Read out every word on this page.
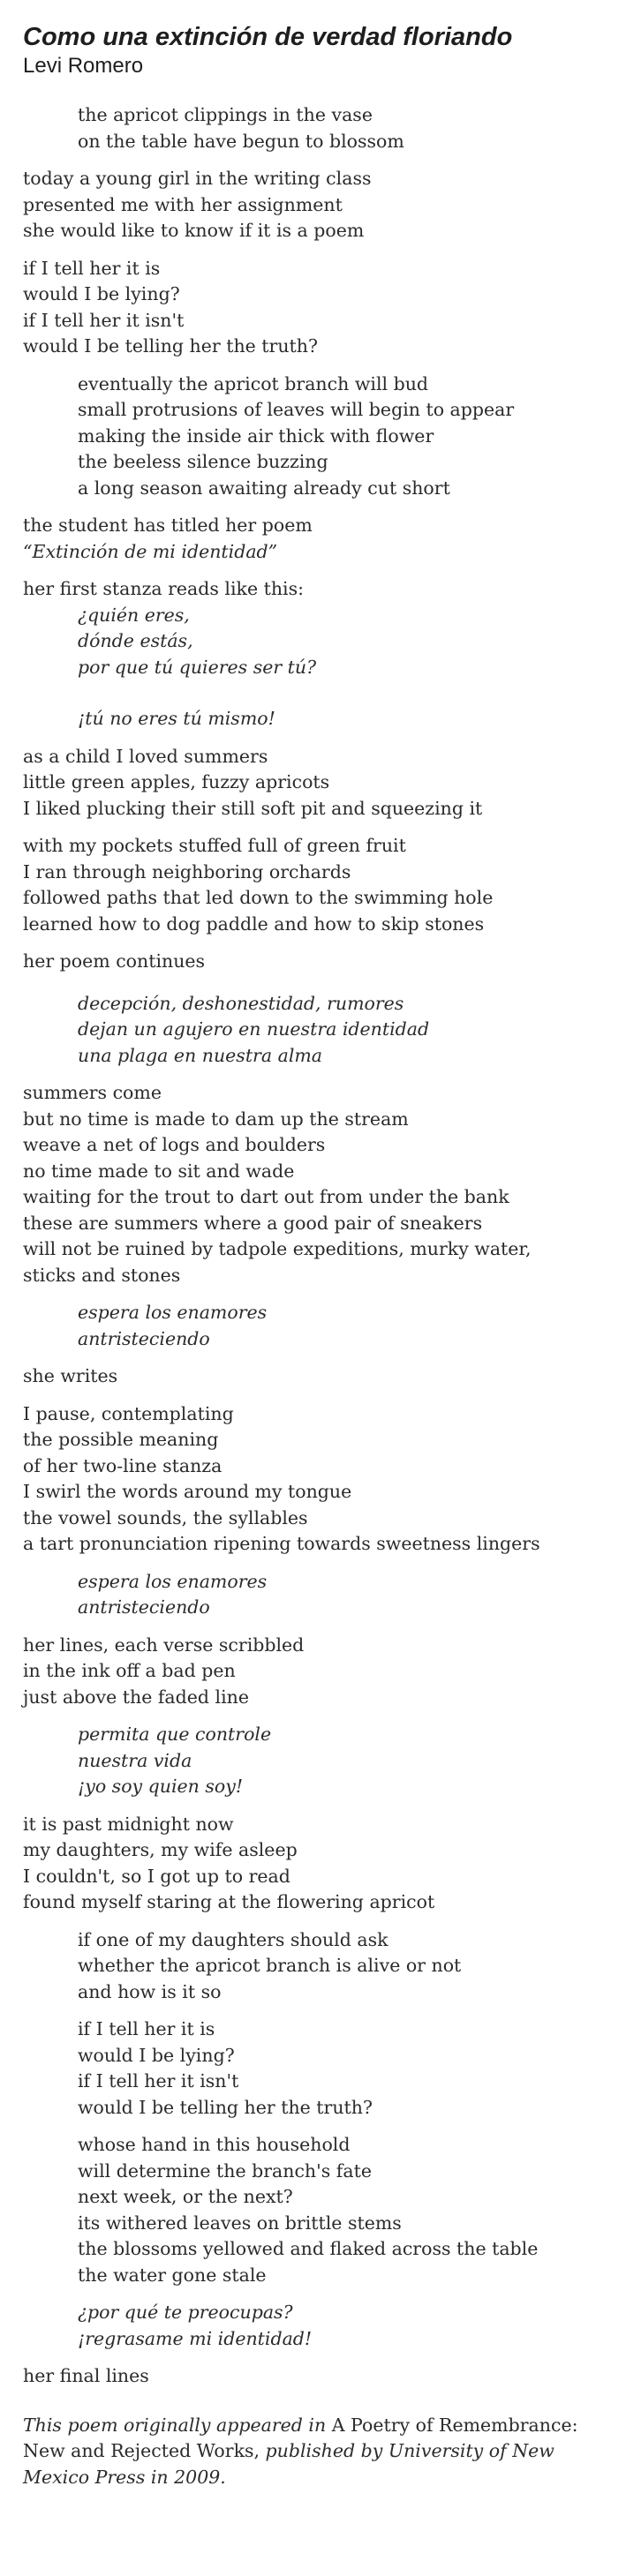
Como una extinción de verdad floriando
Levi Romero
the apricot clippings in the vase
on the table have begun to blossom
today a young girl in the writing class
presented me with her assignment
she would like to know if it is a poem
if I tell her it is
would I be lying?
if I tell her it isn't
would I be telling her the truth?
eventually the apricot branch will bud
small protrusions of leaves will begin to appear
making the inside air thick with flower
the beeless silence buzzing
a long season awaiting already cut short
the student has titled her poem
“Extinción de mi identidad”
her first stanza reads like this:
¿quién eres,
dónde estás,
por que tú quieres ser tú?
¡tú no eres tú mismo!
as a child I loved summers
little green apples, fuzzy apricots
I liked plucking their still soft pit and squeezing it
with my pockets stuffed full of green fruit
I ran through neighboring orchards
followed paths that led down to the swimming hole
learned how to dog paddle and how to skip stones
her poem continues
decepción, deshonestidad, rumores
dejan un agujero en nuestra identidad
una plaga en nuestra alma
summers come
but no time is made to dam up the stream
weave a net of logs and boulders
no time made to sit and wade
waiting for the trout to dart out from under the bank
these are summers where a good pair of sneakers
will not be ruined by tadpole expeditions, murky water,
sticks and stones
espera los enamores
antristeciendo
she writes
I pause, contemplating
the possible meaning
of her two-line stanza
I swirl the words around my tongue
the vowel sounds, the syllables
a tart pronunciation ripening towards sweetness lingers
espera los enamores
antristeciendo
her lines, each verse scribbled
in the ink off a bad pen
just above the faded line
permita que controle
nuestra vida
¡yo soy quien soy!
it is past midnight now
my daughters, my wife asleep
I couldn't, so I got up to read
found myself staring at the flowering apricot
if one of my daughters should ask
whether the apricot branch is alive or not
and how is it so
if I tell her it is
would I be lying?
if I tell her it isn't
would I be telling her the truth?
whose hand in this household
will determine the branch's fate
next week, or the next?
its withered leaves on brittle stems
the blossoms yellowed and flaked across the table
the water gone stale
¿por qué te preocupas?
¡regrasame mi identidad!
her final lines
This poem originally appeared in A Poetry of Remembrance: New and Rejected Works, published by University of New Mexico Press in 2009.
